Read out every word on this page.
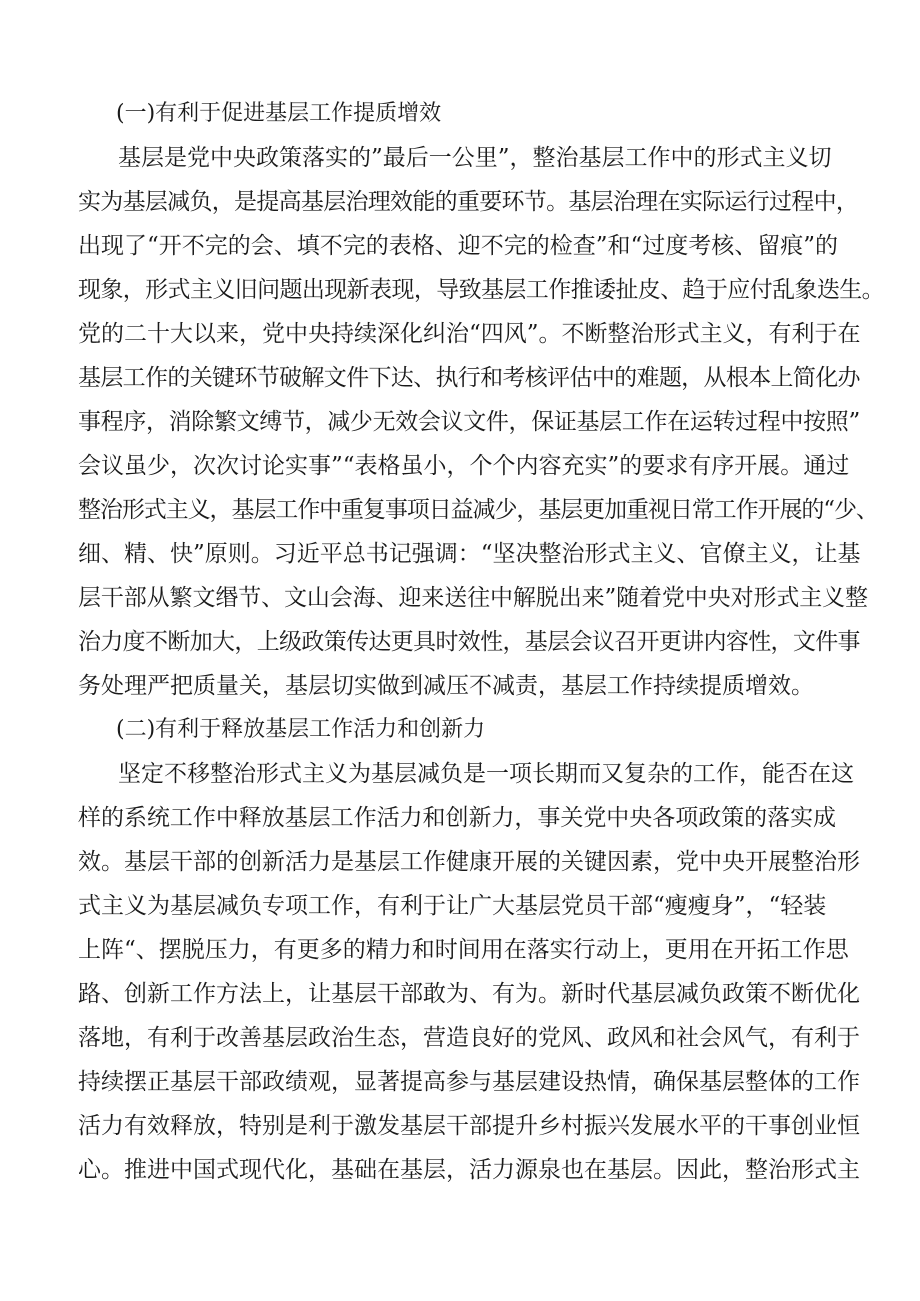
(一)有利于促进基层工作提质增效
基层是党中央政策落实的”最后一公里”，整治基层工作中的形式主义切
实为基层减负，是提高基层治理效能的重要环节。基层治理在实际运行过程中，
出现了“开不完的会、填不完的表格、迎不完的检查”和“过度考核、留痕”的
现象，形式主义旧问题出现新表现，导致基层工作推诿扯皮、趋于应付乱象迭生。
党的二十大以来，党中央持续深化纠治“四风”。不断整治形式主义，有利于在
基层工作的关键环节破解文件下达、执行和考核评估中的难题，从根本上简化办
事程序，消除繁文缚节，减少无效会议文件，保证基层工作在运转过程中按照”
会议虽少，次次讨论实事”“表格虽小，个个内容充实”的要求有序开展。通过
整治形式主义，基层工作中重复事项日益减少，基层更加重视日常工作开展的“少、
细、精、快”原则。习近平总书记强调：“坚决整治形式主义、官僚主义，让基
层干部从繁文缗节、文山会海、迎来送往中解脱出来”随着党中央对形式主义整
治力度不断加大，上级政策传达更具时效性，基层会议召开更讲内容性，文件事
务处理严把质量关，基层切实做到减压不减责，基层工作持续提质增效。
(二)有利于释放基层工作活力和创新力
坚定不移整治形式主义为基层减负是一项长期而又复杂的工作，能否在这
样的系统工作中释放基层工作活力和创新力，事关党中央各项政策的落实成
效。基层干部的创新活力是基层工作健康开展的关键因素，党中央开展整治形
式主义为基层减负专项工作，有利于让广大基层党员干部“瘦瘦身”，“轻装
上阵“、摆脱压力，有更多的精力和时间用在落实行动上，更用在开拓工作思
路、创新工作方法上，让基层干部敢为、有为。新时代基层减负政策不断优化
落地，有利于改善基层政治生态，营造良好的党风、政风和社会风气，有利于
持续摆正基层干部政绩观，显著提高参与基层建设热情，确保基层整体的工作
活力有效释放，特别是利于激发基层干部提升乡村振兴发展水平的干事创业恒
心。推进中国式现代化，基础在基层，活力源泉也在基层。因此，整治形式主
